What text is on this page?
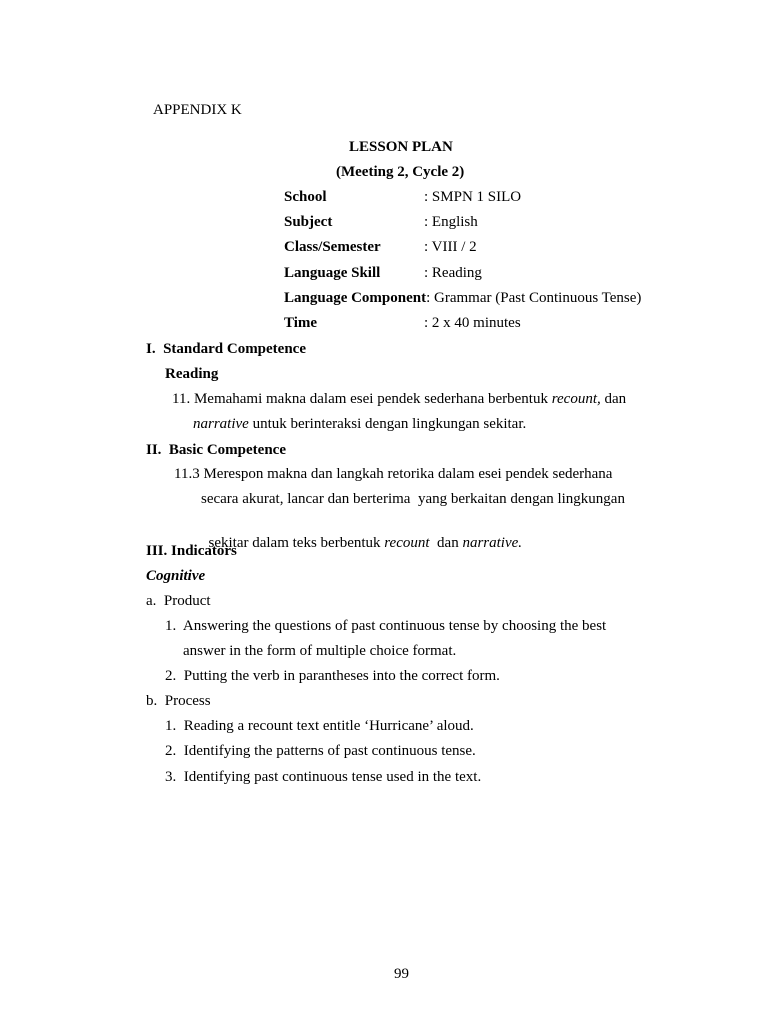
APPENDIX K
LESSON PLAN
(Meeting 2, Cycle 2)
School	: SMPN 1 SILO
Subject	: English
Class/Semester	: VIII / 2
Language Skill	: Reading
Language Component: Grammar (Past Continuous Tense)
Time	: 2 x 40 minutes
I.  Standard Competence
Reading
11. Memahami makna dalam esei pendek sederhana berbentuk recount, dan
narrative untuk berinteraksi dengan lingkungan sekitar.
II.  Basic Competence
11.3 Merespon makna dan langkah retorika dalam esei pendek sederhana
secara akurat, lancar dan berterima  yang berkaitan dengan lingkungan

sekitar dalam teks berbentuk recount  dan narrative.

III. Indicators
Cognitive
a.  Product
1.  Answering the questions of past continuous tense by choosing the best
answer in the form of multiple choice format.
2.  Putting the verb in parantheses into the correct form.
b.  Process
1.  Reading a recount text entitle ‘Hurricane’ aloud.
2.  Identifying the patterns of past continuous tense.
3.  Identifying past continuous tense used in the text.
99
